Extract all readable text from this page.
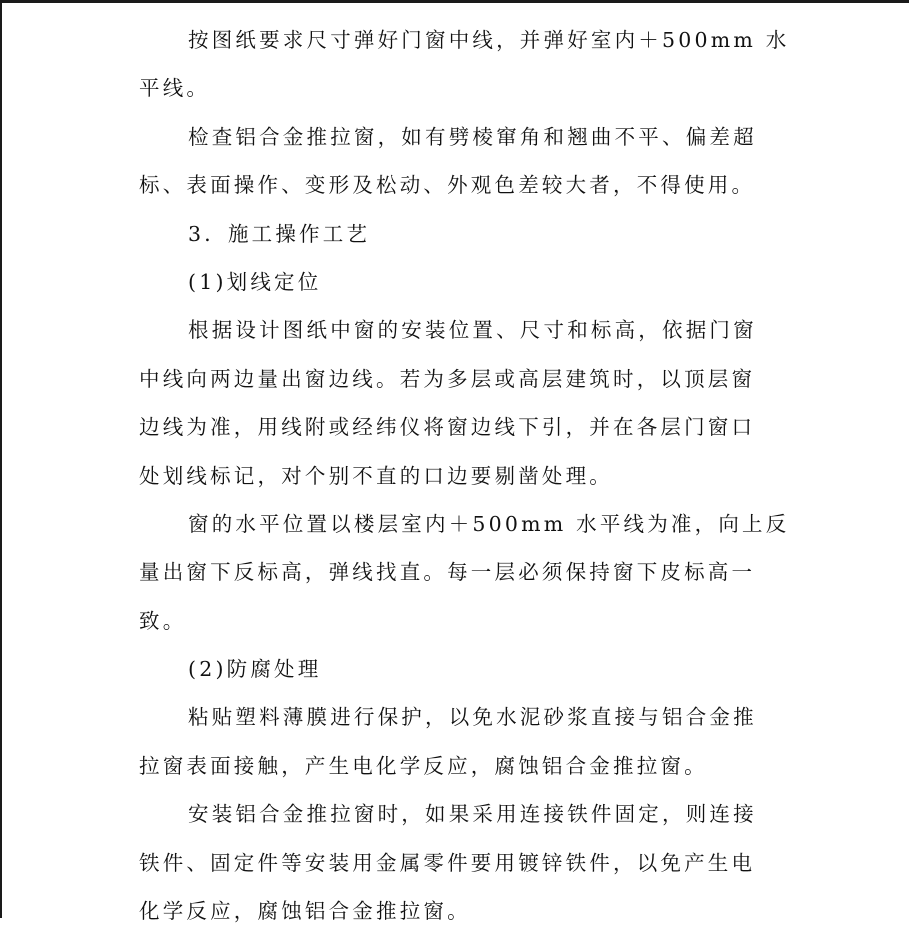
按图纸要求尺寸弹好门窗中线，并弹好室内＋500mm 水
平线。
检查铝合金推拉窗，如有劈棱窜角和翘曲不平、偏差超
标、表面操作、变形及松动、外观色差较大者，不得使用。
3．施工操作工艺
(1)划线定位
根据设计图纸中窗的安装位置、尺寸和标高，依据门窗
中线向两边量出窗边线。若为多层或高层建筑时，以顶层窗
边线为准，用线附或经纬仪将窗边线下引，并在各层门窗口
处划线标记，对个别不直的口边要剔凿处理。
窗的水平位置以楼层室内＋500mm 水平线为准，向上反
量出窗下反标高，弹线找直。每一层必须保持窗下皮标高一
致。
(2)防腐处理
粘贴塑料薄膜进行保护，以免水泥砂浆直接与铝合金推
拉窗表面接触，产生电化学反应，腐蚀铝合金推拉窗。
安装铝合金推拉窗时，如果采用连接铁件固定，则连接
铁件、固定件等安装用金属零件要用镀锌铁件，以免产生电
化学反应，腐蚀铝合金推拉窗。
